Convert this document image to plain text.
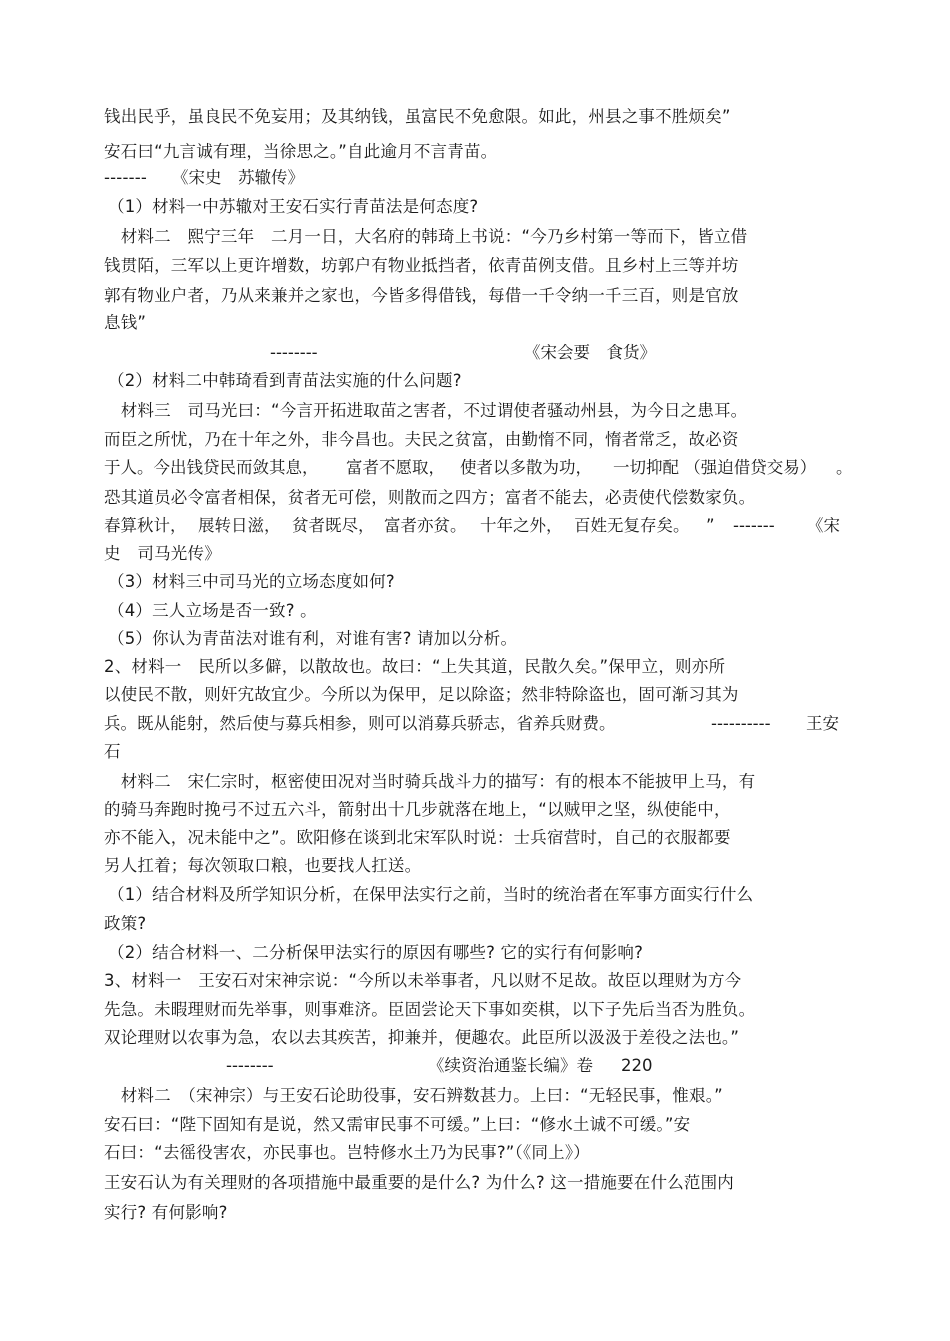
钱出民乎，虽良民不免妄用；及其纳钱，虽富民不免愈限。如此，州县之事不胜烦矣”
安石曰“九言诚有理，当徐思之。”自此逾月不言青苗。
------- 《宋史　苏辙传》
（1）材料一中苏辙对王安石实行青苗法是何态度?
　材料二　熙宁三年　二月一日，大名府的韩琦上书说：“今乃乡村第一等而下，皆立借
钱贯陌，三军以上更许增数，坊郭户有物业抵挡者，依青苗例支借。且乡村上三等并坊
郭有物业户者，乃从来兼并之家也，今皆多得借钱，每借一千令纳一千三百，则是官放
息钱”
--------	《宋会要　食货》
（2）材料二中韩琦看到青苗法实施的什么问题?
　材料三　司马光曰：“今言开拓进取苗之害者，不过谓使者骚动州县，为今日之患耳。
而臣之所忧，乃在十年之外，非今昌也。夫民之贫富，由勤惰不同，惰者常乏，故必资
于人。今出钱贷民而敛其息， 富者不愿取， 使者以多散为功， 一切抑配 （强迫借贷交易） 。
恐其道员必令富者相保，贫者无可偿，则散而之四方；富者不能去，必责使代偿数家负。
春算秋计， 展转日滋， 贫者既尽， 富者亦贫。 十年之外， 百姓无复存矣。 ” ------- 《宋
史　司马光传》
（3）材料三中司马光的立场态度如何?
（4）三人立场是否一致? 。
（5）你认为青苗法对谁有利，对谁有害? 请加以分析。
2、材料一　民所以多僻，以散故也。故曰：“上失其道，民散久矣。”保甲立，则亦所
以使民不散，则奸宄故宜少。今所以为保甲，足以除盗；然非特除盗也，固可渐习其为
兵。既从能射，然后使与募兵相参，则可以消募兵骄志，省养兵财费。	---------- 王安
石
　材料二　宋仁宗时，枢密使田况对当时骑兵战斗力的描写：有的根本不能披甲上马，有
的骑马奔跑时挽弓不过五六斗，箭射出十几步就落在地上，“以贼甲之坚，纵使能中，
亦不能入，况未能中之”。欧阳修在谈到北宋军队时说：士兵宿营时，自己的衣服都要
另人扛着；每次领取口粮，也要找人扛送。
（1）结合材料及所学知识分析，在保甲法实行之前，当时的统治者在军事方面实行什么
政策?
（2）结合材料一、二分析保甲法实行的原因有哪些? 它的实行有何影响?
3、材料一　王安石对宋神宗说：“今所以未举事者，凡以财不足故。故臣以理财为方今
先急。未暇理财而先举事，则事难济。臣固尝论天下事如奕棋，以下子先后当否为胜负。
双论理财以农事为急，农以去其疾苦，抑兼并，便趣农。此臣所以汲汲于差役之法也。”
--------	《续资治通鉴长编》卷 220
　材料二　（宋神宗）与王安石论助役事，安石辨数甚力。上曰：“无轻民事，惟艰。”
安石曰：“陛下固知有是说，然又需审民事不可缓。”上曰：“修水土诚不可缓。”安
石曰：“去徭役害农，亦民事也。岂特修水土乃为民事?”（《同上》）
王安石认为有关理财的各项措施中最重要的是什么? 为什么? 这一措施要在什么范围内
实行? 有何影响?
